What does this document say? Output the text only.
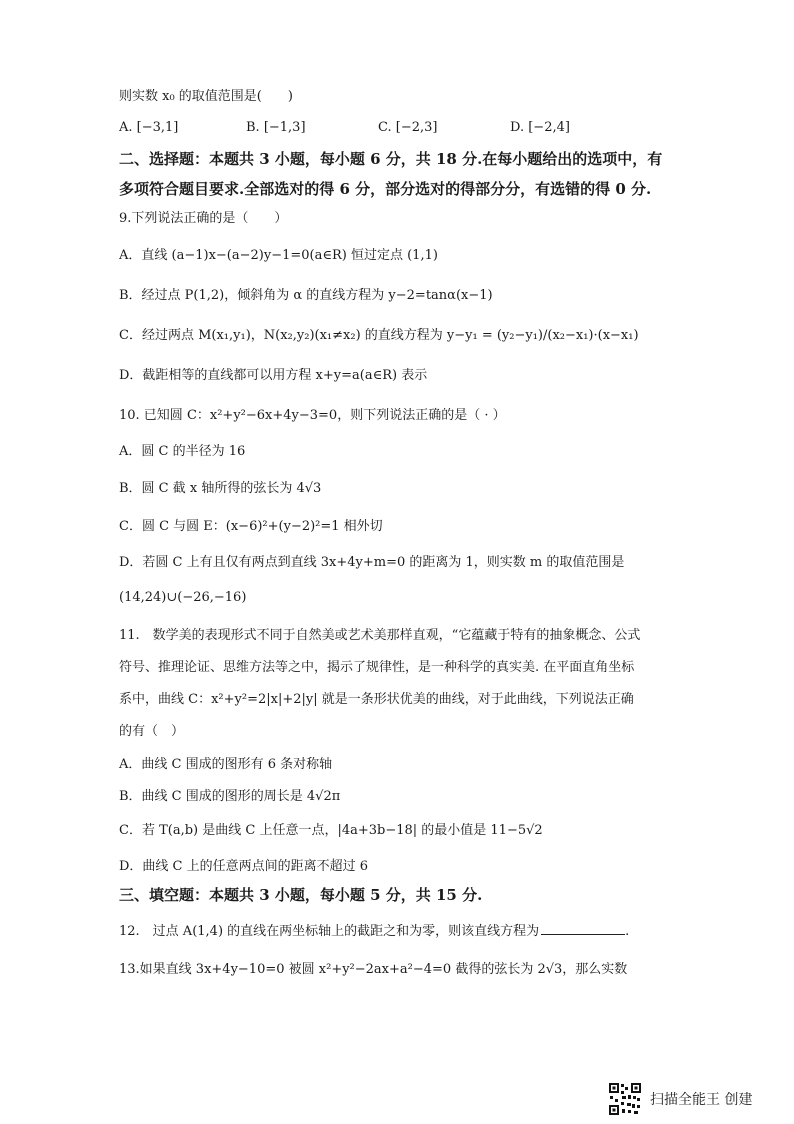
则实数 x₀ 的取值范围是(　　)
A. [−3,1]	B. [−1,3]	C. [−2,3]	D. [−2,4]
二、选择题：本题共 3 小题，每小题 6 分，共 18 分.在每小题给出的选项中，有
多项符合题目要求.全部选对的得 6 分，部分选对的得部分分，有选错的得 0 分.
9.下列说法正确的是（　　）
A．直线 (a−1)x−(a−2)y−1=0(a∈R) 恒过定点 (1,1)
B．经过点 P(1,2)，倾斜角为 α 的直线方程为 y−2=tanα(x−1)
C．经过两点 M(x₁,y₁)，N(x₂,y₂)(x₁≠x₂) 的直线方程为 y−y₁ = (y₂−y₁)/(x₂−x₁)·(x−x₁)
D．截距相等的直线都可以用方程 x+y=a(a∈R) 表示
10. 已知圆 C：x²+y²−6x+4y−3=0，则下列说法正确的是（ · ）
A．圆 C 的半径为 16
B．圆 C 截 x 轴所得的弦长为 4√3
C．圆 C 与圆 E：(x−6)²+(y−2)²=1 相外切
D．若圆 C 上有且仅有两点到直线 3x+4y+m=0 的距离为 1，则实数 m 的取值范围是
(14,24)∪(−26,−16)
11.　数学美的表现形式不同于自然美或艺术美那样直观，“它蕴藏于特有的抽象概念、公式
符号、推理论证、思维方法等之中，揭示了规律性，是一种科学的真实美. 在平面直角坐标
系中，曲线 C：x²+y²=2|x|+2|y| 就是一条形状优美的曲线，对于此曲线，下列说法正确
的有（　）
A．曲线 C 围成的图形有 6 条对称轴
B．曲线 C 围成的图形的周长是 4√2π
C．若 T(a,b) 是曲线 C 上任意一点，|4a+3b−18| 的最小值是 11−5√2
D．曲线 C 上的任意两点间的距离不超过 6
三、填空题：本题共 3 小题，每小题 5 分，共 15 分.
12.　过点 A(1,4) 的直线在两坐标轴上的截距之和为零，则该直线方程为	.
13.如果直线 3x+4y−10=0 被圆 x²+y²−2ax+a²−4=0 截得的弦长为 2√3，那么实数
扫描全能王 创建
